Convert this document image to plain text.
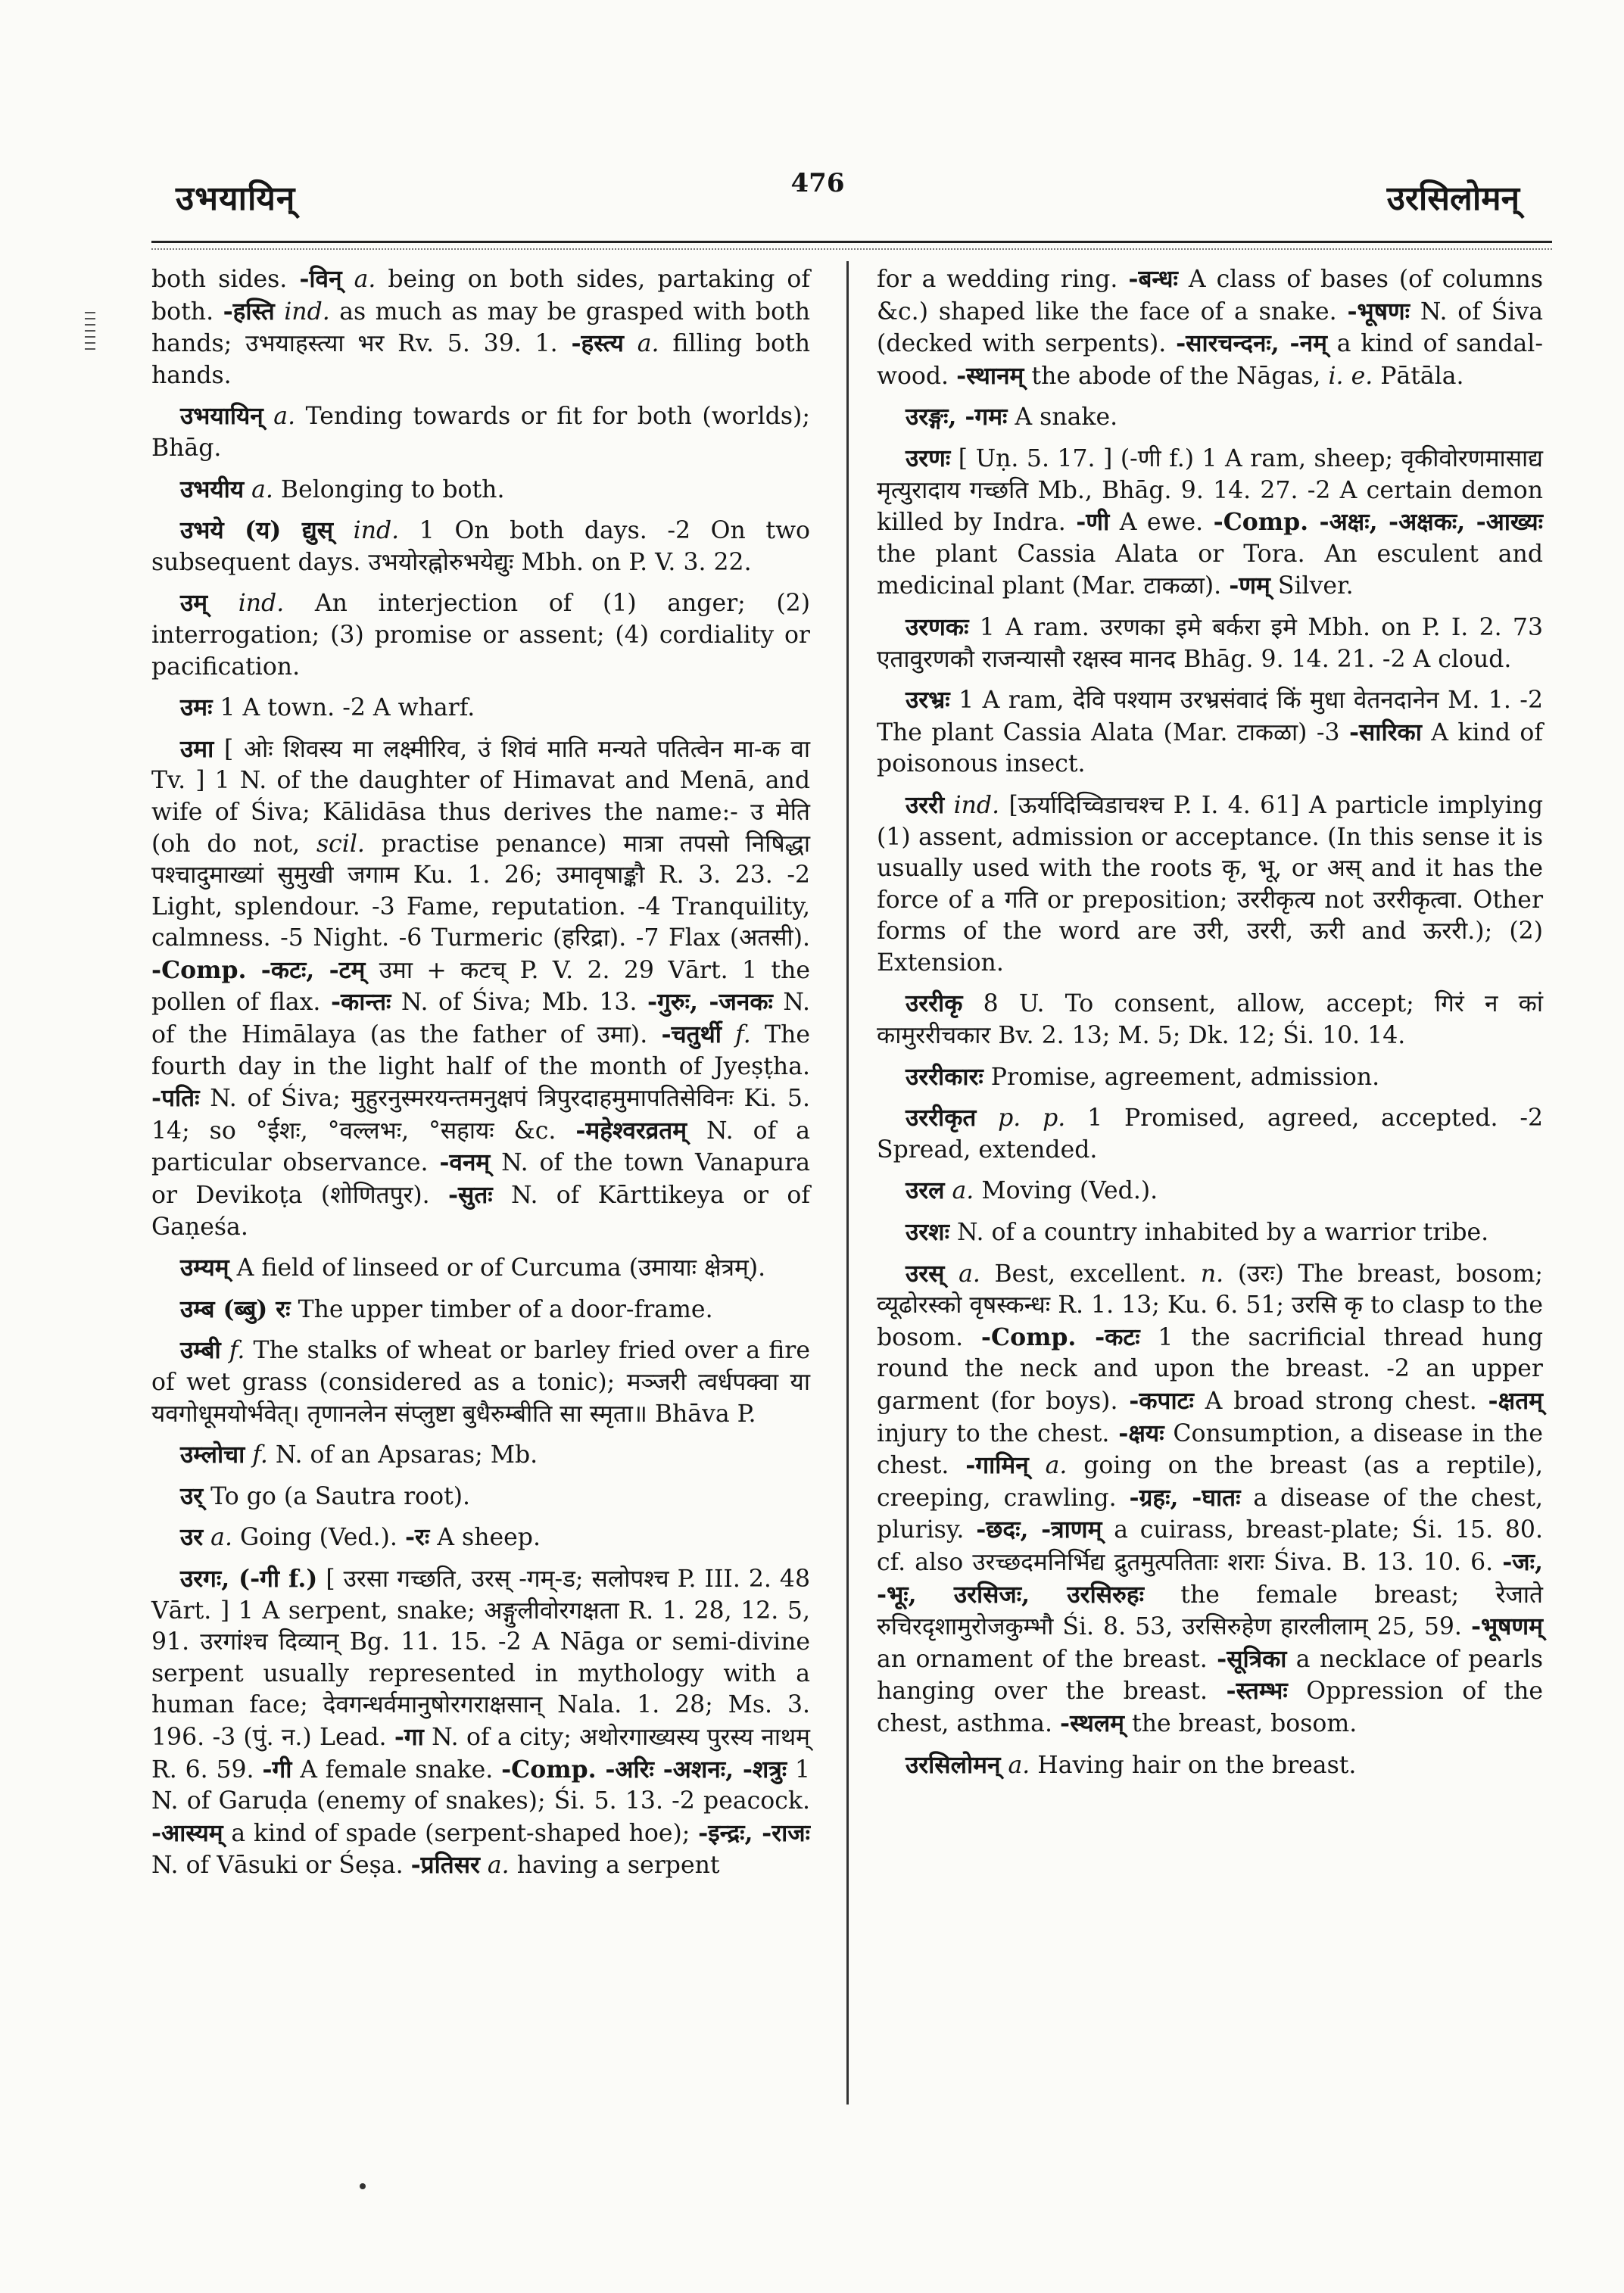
उभयायिन्	476	उरसिलोमन्

both sides. -विन् a. being on both sides, partaking of both. -हस्ति ind. as much as may be grasped with both hands; उभयाहस्त्या भर Rv. 5. 39. 1. -हस्त्य a. filling both hands.

उभयायिन् a. Tending towards or fit for both (worlds); Bhāg.

उभयीय a. Belonging to both.

उभये (य) द्युस् ind. 1 On both days. -2 On two subsequent days. उभयोरह्नोरुभयेद्युः Mbh. on P. V. 3. 22.

उम् ind. An interjection of (1) anger; (2) interrogation; (3) promise or assent; (4) cordiality or pacification.

उमः 1 A town. -2 A wharf.

उमा [ ओः शिवस्य मा लक्ष्मीरिव, उं शिवं माति मन्यते पतित्वेन मा-क वा Tv. ] 1 N. of the daughter of Himavat and Menā, and wife of Śiva; Kālidāsa thus derives the name:- उ मेति (oh do not, scil. practise penance) मात्रा तपसो निषिद्धा पश्चादुमाख्यां सुमुखी जगाम Ku. 1. 26; उमावृषाङ्कौ R. 3. 23. -2 Light, splendour. -3 Fame, reputation. -4 Tranquility, calmness. -5 Night. -6 Turmeric (हरिद्रा). -7 Flax (अतसी). -Comp. -कटः, -टम् उमा + कटच् P. V. 2. 29 Vārt. 1 the pollen of flax. -कान्तः N. of Śiva; Mb. 13. -गुरुः, -जनकः N. of the Himālaya (as the father of उमा). -चतुर्थी f. The fourth day in the light half of the month of Jyeṣṭha. -पतिः N. of Śiva; मुहुरनुस्मरयन्तमनुक्षपं त्रिपुरदाहमुमापतिसेविनः Ki. 5. 14; so °ईशः, °वल्लभः, °सहायः &c. -महेश्वरव्रतम् N. of a particular observance. -वनम् N. of the town Vanapura or Devikoṭa (शोणितपुर). -सुतः N. of Kārttikeya or of Gaṇeśa.

उम्यम् A field of linseed or of Curcuma (उमायाः क्षेत्रम्).

उम्ब (ब्बु) रः The upper timber of a door-frame.

उम्बी f. The stalks of wheat or barley fried over a fire of wet grass (considered as a tonic); मञ्जरी त्वर्धपक्वा या यवगोधूमयोर्भवेत्। तृणानलेन संप्लुष्टा बुधैरुम्बीति सा स्मृता॥ Bhāva P.

उम्लोचा f. N. of an Apsaras; Mb.

उर् To go (a Sautra root).

उर a. Going (Ved.). -रः A sheep.

उरगः, (-गी f.) [ उरसा गच्छति, उरस् -गम्-ड; सलोपश्च P. III. 2. 48 Vārt. ] 1 A serpent, snake; अङ्गुलीवोरगक्षता R. 1. 28, 12. 5, 91. उरगांश्च दिव्यान् Bg. 11. 15. -2 A Nāga or semi-divine serpent usually represented in mythology with a human face; देवगन्धर्वमानुषोरगराक्षसान् Nala. 1. 28; Ms. 3. 196. -3 (पुं. न.) Lead. -गा N. of a city; अथोरगाख्यस्य पुरस्य नाथम् R. 6. 59. -गी A female snake. -Comp. -अरिः -अशनः, -शत्रुः 1 N. of Garuḍa (enemy of snakes); Śi. 5. 13. -2 peacock. -आस्यम् a kind of spade (serpent-shaped hoe); -इन्द्रः, -राजः N. of Vāsuki or Śeṣa. -प्रतिसर a. having a serpent

for a wedding ring. -बन्धः A class of bases (of columns &c.) shaped like the face of a snake. -भूषणः N. of Śiva (decked with serpents). -सारचन्दनः, -नम् a kind of sandal-wood. -स्थानम् the abode of the Nāgas, i. e. Pātāla.

उरङ्गः, -गमः A snake.

उरणः [ Uṇ. 5. 17. ] (-णी f.) 1 A ram, sheep; वृकीवोरणमासाद्य मृत्युरादाय गच्छति Mb., Bhāg. 9. 14. 27. -2 A certain demon killed by Indra. -णी A ewe. -Comp. -अक्षः, -अक्षकः, -आख्यः the plant Cassia Alata or Tora. An esculent and medicinal plant (Mar. टाकळा). -णम् Silver.

उरणकः 1 A ram. उरणका इमे बर्करा इमे Mbh. on P. I. 2. 73 एतावुरणकौ राजन्यासौ रक्षस्व मानद Bhāg. 9. 14. 21. -2 A cloud.

उरभ्रः 1 A ram, देवि पश्याम उरभ्रसंवादं किं मुधा वेतनदानेन M. 1. -2 The plant Cassia Alata (Mar. टाकळा) -3 -सारिका A kind of poisonous insect.

उररी ind. [ऊर्यादिच्विडाचश्च P. I. 4. 61] A particle implying (1) assent, admission or acceptance. (In this sense it is usually used with the roots कृ, भू, or अस् and it has the force of a गति or preposition; उररीकृत्य not उररीकृत्वा. Other forms of the word are उरी, उररी, ऊरी and ऊररी.); (2) Extension.

उररीकृ 8 U. To consent, allow, accept; गिरं न कां कामुररीचकार Bv. 2. 13; M. 5; Dk. 12; Śi. 10. 14.

उररीकारः Promise, agreement, admission.

उररीकृत p. p. 1 Promised, agreed, accepted. -2 Spread, extended.

उरल a. Moving (Ved.).

उरशः N. of a country inhabited by a warrior tribe.

उरस् a. Best, excellent. n. (उरः) The breast, bosom; व्यूढोरस्को वृषस्कन्धः R. 1. 13; Ku. 6. 51; उरसि कृ to clasp to the bosom. -Comp. -कटः 1 the sacrificial thread hung round the neck and upon the breast. -2 an upper garment (for boys). -कपाटः A broad strong chest. -क्षतम् injury to the chest. -क्षयः Consumption, a disease in the chest. -गामिन् a. going on the breast (as a reptile), creeping, crawling. -ग्रहः, -घातः a disease of the chest, plurisy. -छदः, -त्राणम् a cuirass, breast-plate; Śi. 15. 80. cf. also उरच्छदमनिर्भिद्य द्रुतमुत्पतिताः शराः Śiva. B. 13. 10. 6. -जः, -भूः, उरसिजः, उरसिरुहः the female breast; रेजाते रुचिरदृशामुरोजकुम्भौ Śi. 8. 53, उरसिरुहेण हारलीलाम् 25, 59. -भूषणम् an ornament of the breast. -सूत्रिका a necklace of pearls hanging over the breast. -स्तम्भः Oppression of the chest, asthma. -स्थलम् the breast, bosom.

उरसिलोमन् a. Having hair on the breast.
